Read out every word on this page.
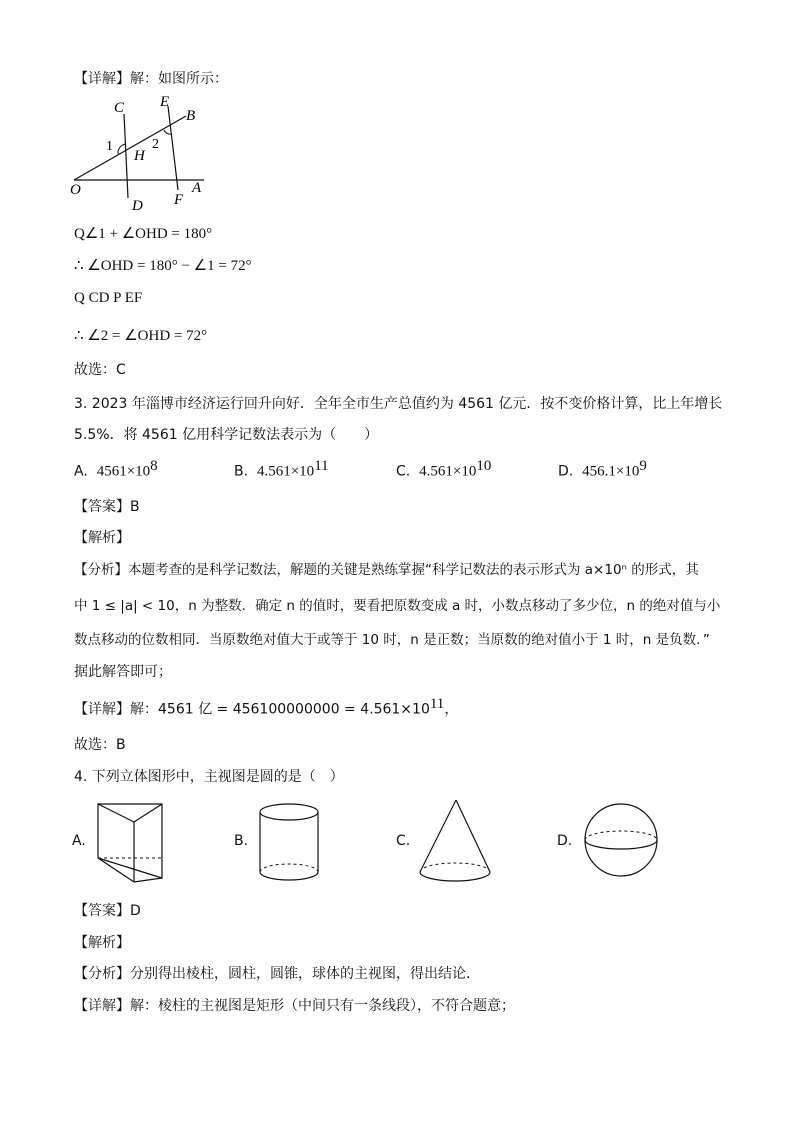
【详解】解：如图所示：
C E
B
1	2
H
O
D F
A
Q∠1 + ∠OHD = 180°
∴ ∠OHD = 180° − ∠1 = 72°
Q CD P EF
∴ ∠2 = ∠OHD = 72°
故选：C
3. 2023 年淄博市经济运行回升向好．全年全市生产总值约为 4561 亿元．按不变价格计算，比上年增长
5.5%．将 4561 亿用科学记数法表示为（　　）
A. $4561\times 10^8$	B. $4.561\times 10^{11}$	C. $4.561\times 10^{10}$	D. $456.1\times 10^9$
【答案】B
【解析】
【分析】本题考查的是科学记数法，解题的关键是熟练掌握“科学记数法的表示形式为 a×10ⁿ 的形式，其
中 1 ≤ |a| < 10，n 为整数．确定 n 的值时，要看把原数变成 a 时，小数点移动了多少位，n 的绝对值与小
数点移动的位数相同．当原数绝对值大于或等于 10 时，n 是正数；当原数的绝对值小于 1 时，n 是负数．”
据此解答即可；
【详解】解：4561 亿 = $456100000000 = 4.561\times 10^{11}$，
故选：B
4. 下列立体图形中，主视图是圆的是（　）
A.	B.	C.	D.
【答案】D
【解析】
【分析】分别得出棱柱，圆柱，圆锥，球体的主视图，得出结论．
【详解】解：棱柱的主视图是矩形（中间只有一条线段），不符合题意；
